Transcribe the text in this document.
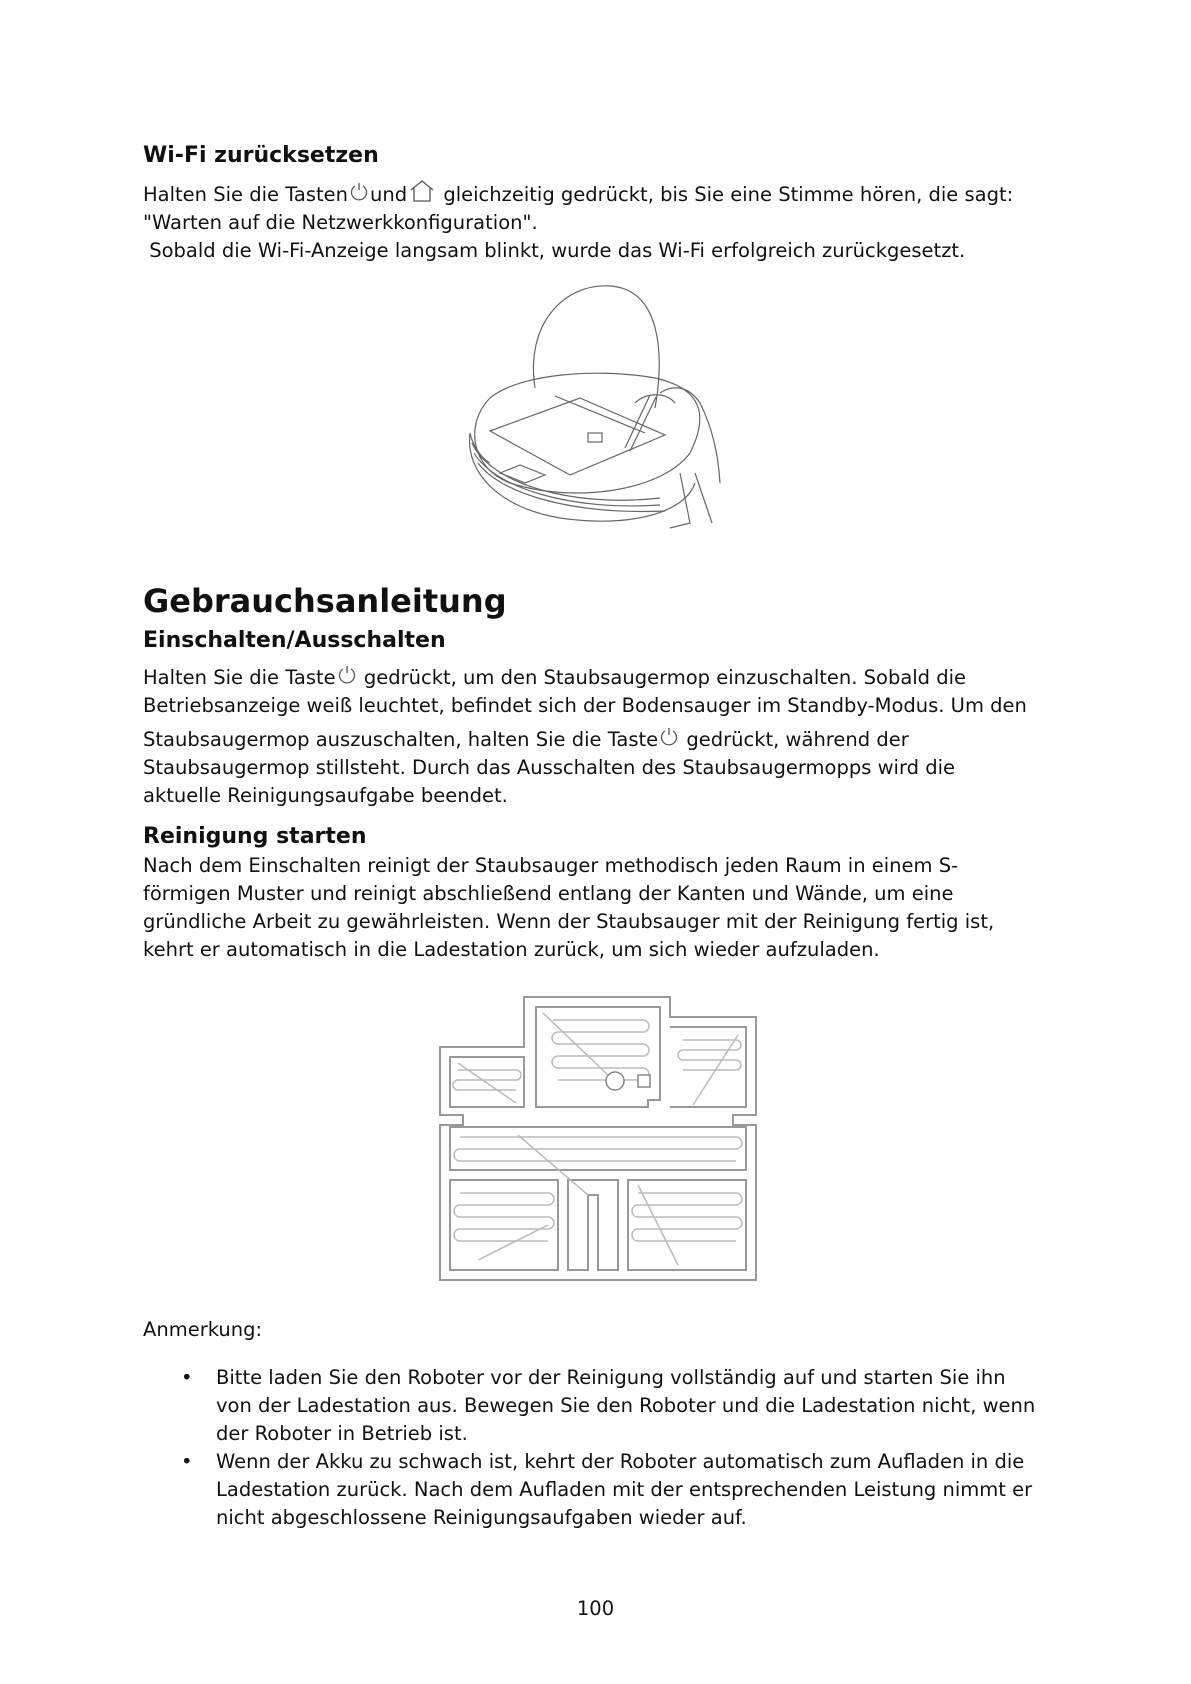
Wi-Fi zurücksetzen

Halten Sie die Tasten und gleichzeitig gedrückt, bis Sie eine Stimme hören, die sagt:
"Warten auf die Netzwerkkonfiguration".
Sobald die Wi-Fi-Anzeige langsam blinkt, wurde das Wi-Fi erfolgreich zurückgesetzt.

Gebrauchsanleitung
Einschalten/Ausschalten

Halten Sie die Taste gedrückt, um den Staubsaugermop einzuschalten. Sobald die
Betriebsanzeige weiß leuchtet, befindet sich der Bodensauger im Standby-Modus. Um den
Staubsaugermop auszuschalten, halten Sie die Taste gedrückt, während der
Staubsaugermop stillsteht. Durch das Ausschalten des Staubsaugermopps wird die
aktuelle Reinigungsaufgabe beendet.

Reinigung starten

Nach dem Einschalten reinigt der Staubsauger methodisch jeden Raum in einem S-
förmigen Muster und reinigt abschließend entlang der Kanten und Wände, um eine
gründliche Arbeit zu gewährleisten. Wenn der Staubsauger mit der Reinigung fertig ist,
kehrt er automatisch in die Ladestation zurück, um sich wieder aufzuladen.

Anmerkung:

• Bitte laden Sie den Roboter vor der Reinigung vollständig auf und starten Sie ihn
von der Ladestation aus. Bewegen Sie den Roboter und die Ladestation nicht, wenn
der Roboter in Betrieb ist.
• Wenn der Akku zu schwach ist, kehrt der Roboter automatisch zum Aufladen in die
Ladestation zurück. Nach dem Aufladen mit der entsprechenden Leistung nimmt er
nicht abgeschlossene Reinigungsaufgaben wieder auf.
100
